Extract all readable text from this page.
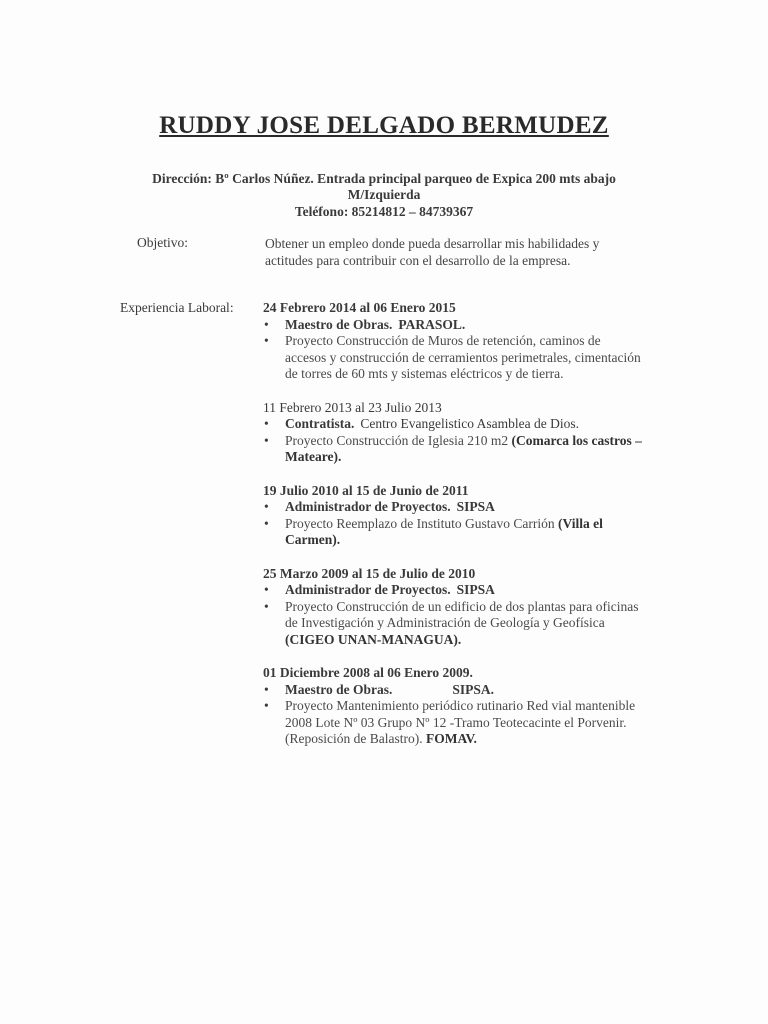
RUDDY JOSE DELGADO BERMUDEZ
Dirección: Bº Carlos Núñez. Entrada principal parqueo de Expica 200 mts abajo
M/Izquierda
Teléfono: 85214812 – 84739367
Objetivo:	Obtener un empleo donde pueda desarrollar mis habilidades y actitudes para contribuir con el desarrollo de la empresa.
Experiencia Laboral: 24 Febrero 2014 al 06 Enero 2015
• Maestro de Obras. PARASOL.
• Proyecto Construcción de Muros de retención, caminos de accesos y construcción de cerramientos perimetrales, cimentación de torres de 60 mts y sistemas eléctricos y de tierra.
11 Febrero 2013 al 23 Julio 2013
• Contratista. Centro Evangelistico Asamblea de Dios.
• Proyecto Construcción de Iglesia 210 m2 (Comarca los castros – Mateare).
19 Julio 2010 al 15 de Junio de 2011
• Administrador de Proyectos. SIPSA
• Proyecto Reemplazo de Instituto Gustavo Carrión (Villa el Carmen).
25 Marzo 2009 al 15 de Julio de 2010
• Administrador de Proyectos. SIPSA
• Proyecto Construcción de un edificio de dos plantas para oficinas de Investigación y Administración de Geología y Geofísica (CIGEO UNAN-MANAGUA).
01 Diciembre 2008 al 06 Enero 2009.
• Maestro de Obras.	SIPSA.
• Proyecto Mantenimiento periódico rutinario Red vial mantenible 2008 Lote Nº 03 Grupo Nº 12 -Tramo Teotecacinte el Porvenir. (Reposición de Balastro). FOMAV.
